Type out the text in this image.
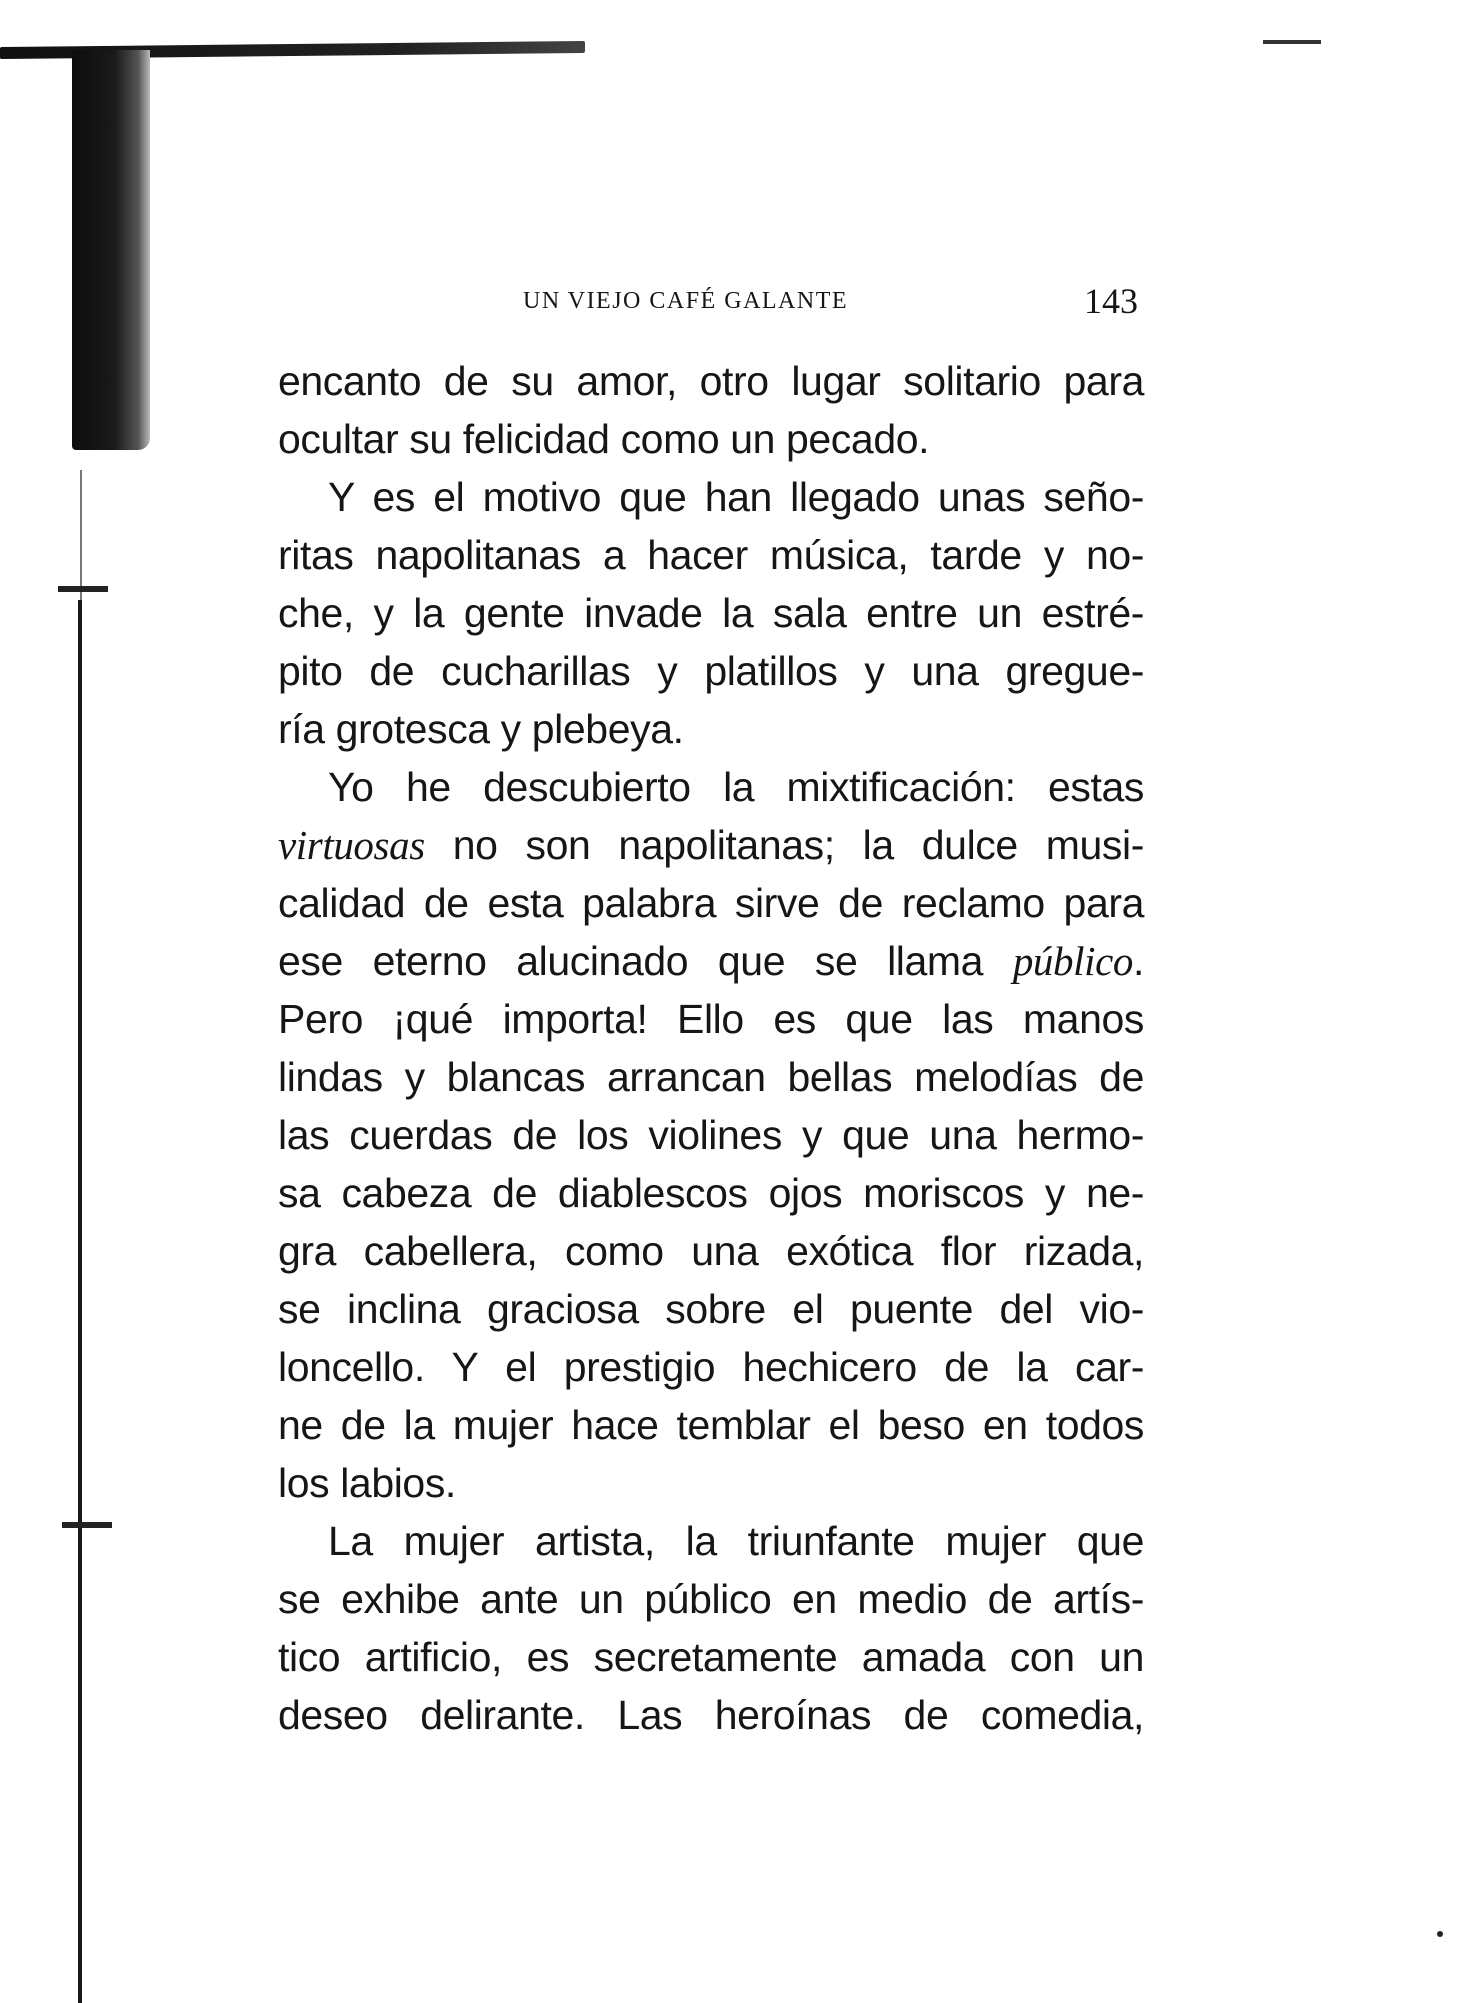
UN VIEJO CAFÉ GALANTE	143

encanto de su amor, otro lugar solitario para
ocultar su felicidad como un pecado.

Y es el motivo que han llegado unas seño-
ritas napolitanas a hacer música, tarde y no-
che, y la gente invade la sala entre un estré-
pito de cucharillas y platillos y una gregue-
ría grotesca y plebeya.

Yo he descubierto la mixtificación: estas
virtuosas no son napolitanas; la dulce musi-
calidad de esta palabra sirve de reclamo para
ese eterno alucinado que se llama público.
Pero ¡qué importa! Ello es que las manos
lindas y blancas arrancan bellas melodías de
las cuerdas de los violines y que una hermo-
sa cabeza de diablescos ojos moriscos y ne-
gra cabellera, como una exótica flor rizada,
se inclina graciosa sobre el puente del vio-
loncello. Y el prestigio hechicero de la car-
ne de la mujer hace temblar el beso en todos
los labios.

La mujer artista, la triunfante mujer que
se exhibe ante un público en medio de artís-
tico artificio, es secretamente amada con un
deseo delirante. Las heroínas de comedia,
